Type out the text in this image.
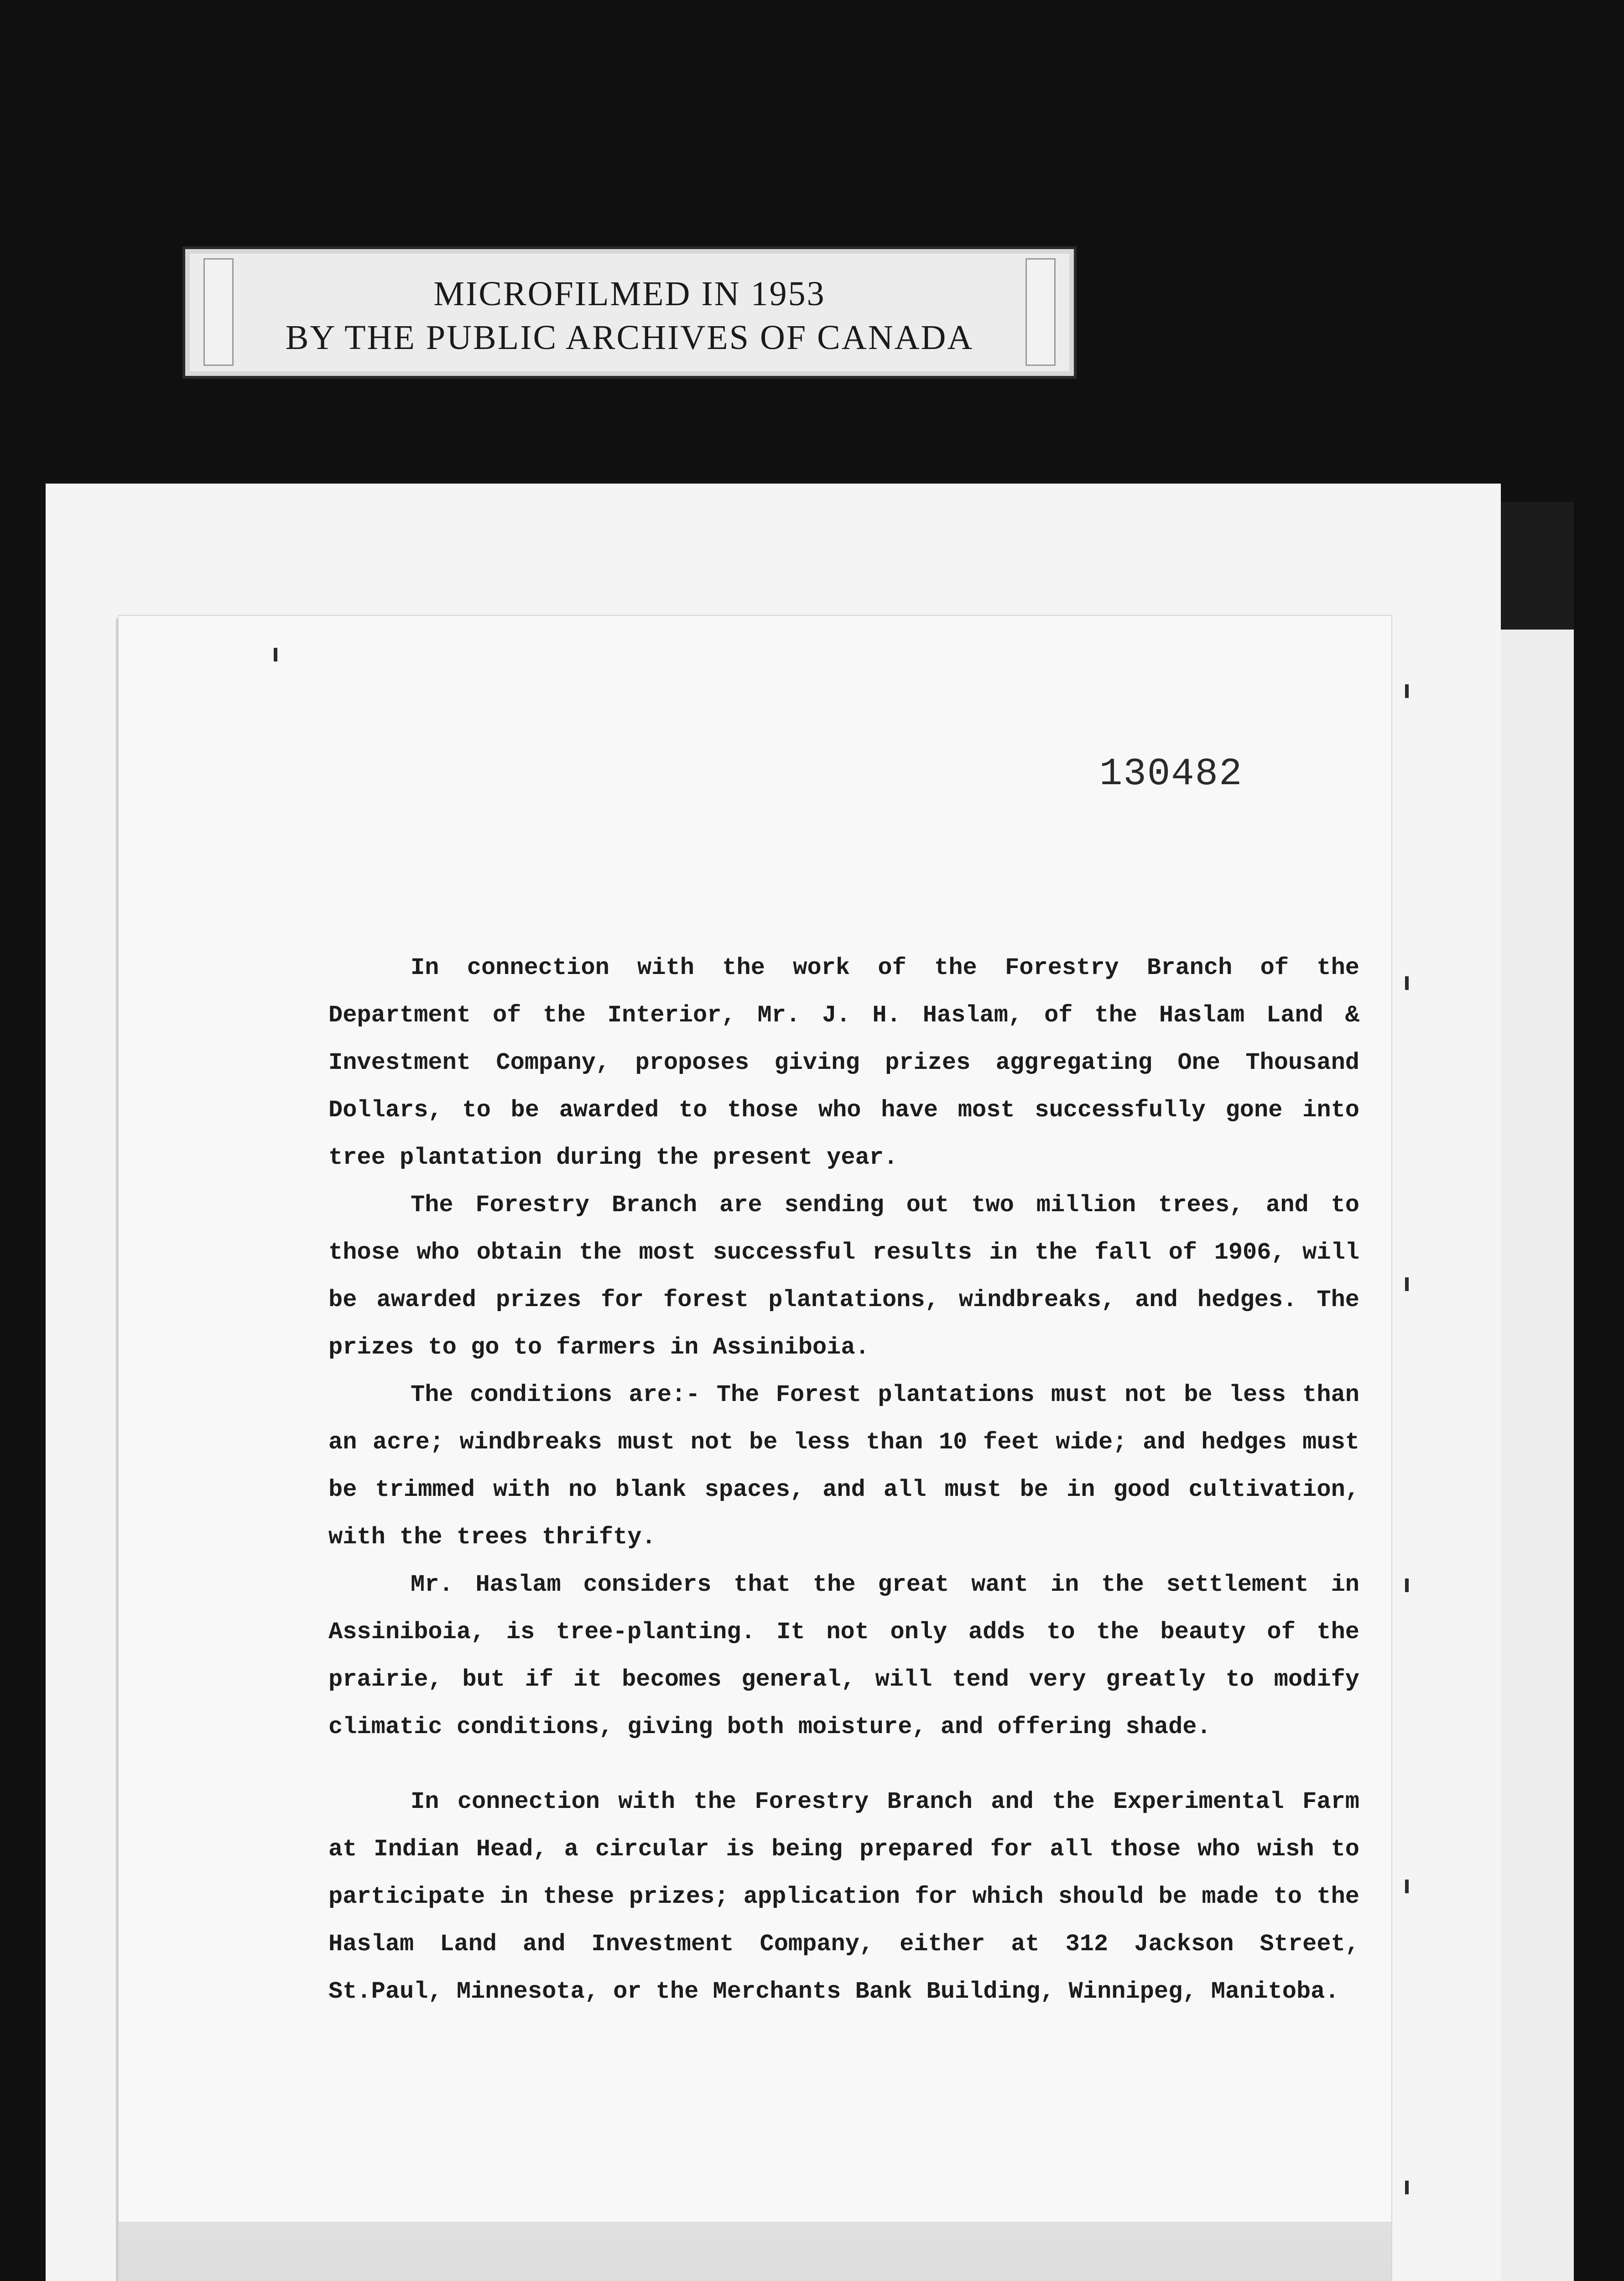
MICROFILMED IN 1953
BY THE PUBLIC ARCHIVES OF CANADA
130482

In connection with the work of the Forestry Branch of the Department of the Interior, Mr. J. H. Haslam, of the Haslam Land & Investment Company, proposes giving prizes aggregating One Thousand Dollars, to be awarded to those who have most successfully gone into tree plantation during the present year.

The Forestry Branch are sending out two million trees, and to those who obtain the most successful results in the fall of 1906, will be awarded prizes for forest plantations, windbreaks, and hedges. The prizes to go to farmers in Assiniboia.

The conditions are:- The Forest plantations must not be less than an acre; windbreaks must not be less than 10 feet wide; and hedges must be trimmed with no blank spaces, and all must be in good cultivation, with the trees thrifty.

Mr. Haslam considers that the great want in the settlement in Assiniboia, is tree-planting. It not only adds to the beauty of the prairie, but if it becomes general, will tend very greatly to modify climatic conditions, giving both moisture, and offering shade.

In connection with the Forestry Branch and the Experimental Farm at Indian Head, a circular is being prepared for all those who wish to participate in these prizes; application for which should be made to the Haslam Land and Investment Company, either at 312 Jackson Street, St.Paul, Minnesota, or the Merchants Bank Building, Winnipeg, Manitoba.
